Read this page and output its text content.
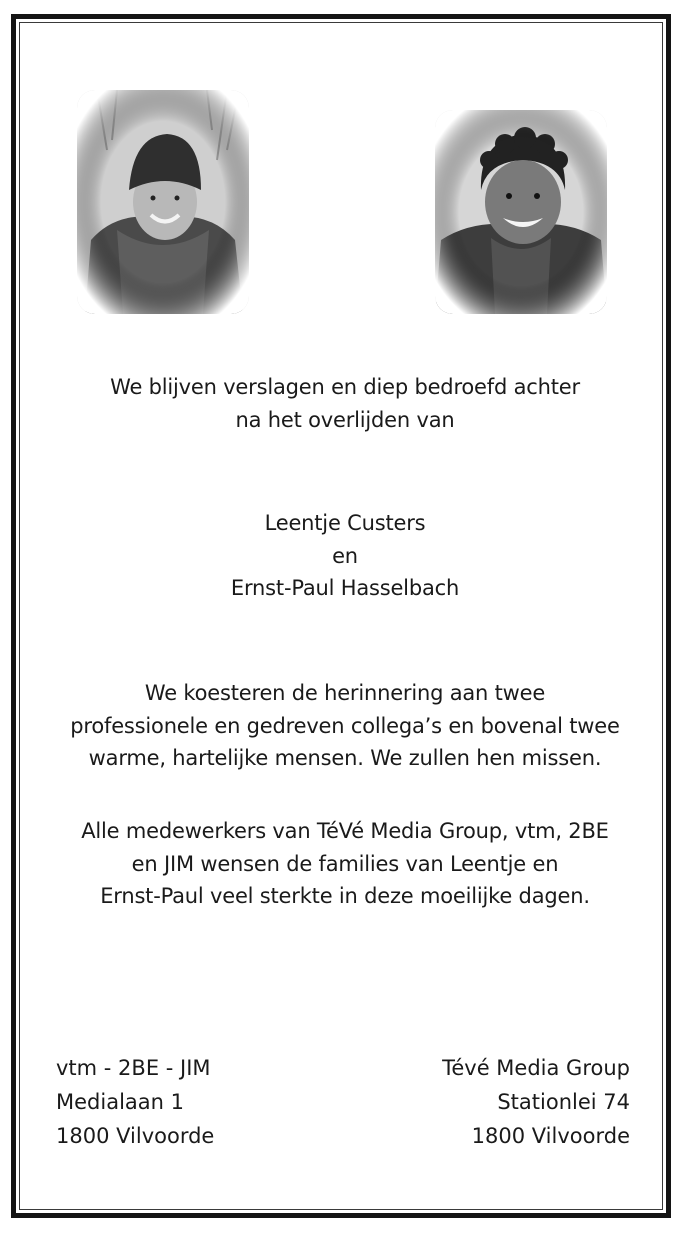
We blijven verslagen en diep bedroefd achter
na het overlijden van
Leentje Custers
en
Ernst-Paul Hasselbach
We koesteren de herinnering aan twee
professionele en gedreven collega’s en bovenal twee
warme, hartelijke mensen. We zullen hen missen.
Alle medewerkers van TéVé Media Group, vtm, 2BE
en JIM wensen de families van Leentje en
Ernst-Paul veel sterkte in deze moeilijke dagen.
vtm - 2BE - JIM
Medialaan 1
1800 Vilvoorde
Tévé Media Group
Stationlei 74
1800 Vilvoorde
